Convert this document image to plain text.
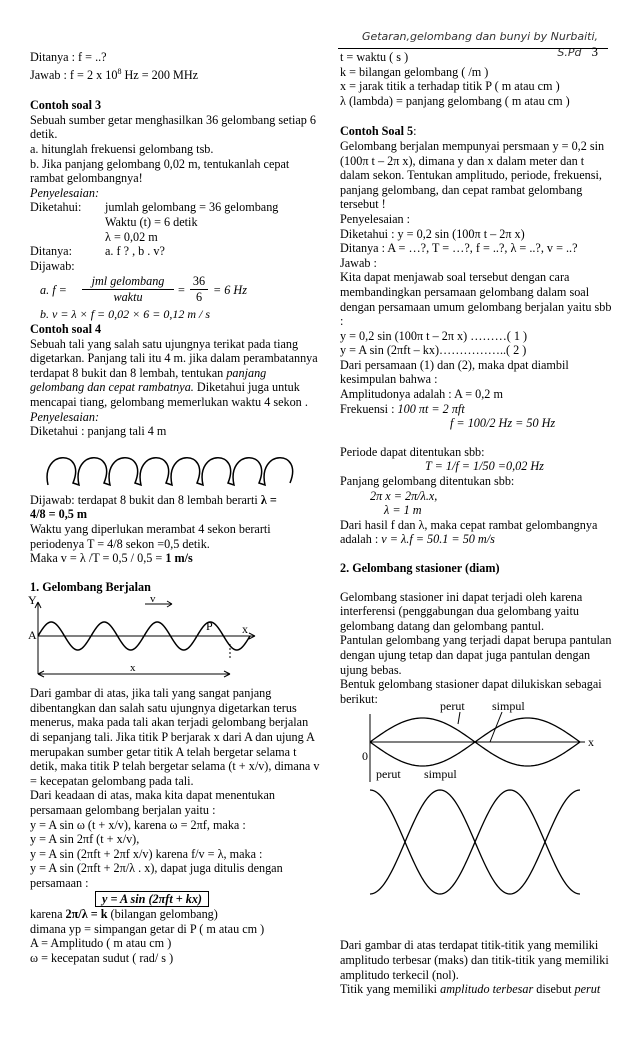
Getaran,gelombang dan bunyi by Nurbaiti, S.Pd 3

Ditanya : f = ..?

Jawab : f = 2 x $10^8$ Hz = 200 MHz

Contoh soal 3

Sebuah sumber getar menghasilkan 36 gelombang setiap 6 detik.

a. hitunglah frekuensi gelombang tsb.

b. Jika panjang gelombang 0,02 m, tentukanlah cepat rambat gelombangnya!

Penyelesaian:

Diketahui:	jumlah gelombang = 36 gelombang

Waktu (t) = 6 detik

λ = 0,02 m

Ditanya:	a. f ? , b . v?

Dijawab:

a. f =
jml gelombang
waktu	=
36
6 = 6 Hz

b. v = λ × f = 0,02 × 6 = 0,12 m / s

Contoh soal 4

Sebuah tali yang salah satu ujungnya terikat pada tiang digetarkan. Panjang tali itu 4 m. jika dalam perambatannya terdapat 8 bukit dan 8 lembah, tentukan panjang gelombang dan cepat rambatnya. Diketahui juga untuk mencapai tiang, gelombang memerlukan waktu 4 sekon .

Penyelesaian:

Diketahui : panjang tali 4 m

Dijawab: terdapat 8 bukit dan 8 lembah berarti λ =

4/8 = 0,5 m

Waktu yang diperlukan merambat 4 sekon berarti periodenya T = 4/8 sekon =0,5 detik.

Maka v = λ /T = 0,5 / 0,5 = 1 m/s

1. Gelombang Berjalan

Y
x
A
v
P
x

Dari gambar di atas, jika tali yang sangat panjang dibentangkan dan salah satu ujungnya digetarkan terus menerus, maka pada tali akan terjadi gelombang berjalan di sepanjang tali. Jika titik P berjarak x dari A dan ujung A merupakan sumber getar titik A telah bergetar selama t detik, maka titik P telah bergetar selama (t + x/v), dimana v = kecepatan gelombang pada tali.

Dari keadaan di atas, maka kita dapat menentukan persamaan gelombang berjalan yaitu :

y = A sin ω (t + x/v), karena ω = 2πf, maka :

y = A sin 2πf (t + x/v),

y = A sin (2πft + 2πf x/v) karena f/v = λ, maka :

y = A sin (2πft + 2π/λ . x), dapat juga ditulis dengan persamaan :

y = A sin (2πft + kx)

karena 2π/λ = k (bilangan gelombang)

dimana yp = simpangan getar di P ( m atau cm )

A = Amplitudo ( m atau cm )

ω = kecepatan sudut ( rad/ s )

t = waktu ( s )

k = bilangan gelombang ( /m )

x = jarak titik a terhadap titik P ( m atau cm )

λ (lambda) = panjang gelombang ( m atau cm )

Contoh Soal 5:

Gelombang berjalan mempunyai persmaan y = 0,2 sin (100π t – 2π x), dimana y dan x dalam meter dan t dalam sekon. Tentukan amplitudo, periode, frekuensi, panjang gelombang, dan cepat rambat gelombang tersebut !

Penyelesaian :

Diketahui : y = 0,2 sin (100π t – 2π x)

Ditanya : A = …?, T = …?, f = ..?, λ = ..?, v = ..?

Jawab :

Kita dapat menjawab soal tersebut dengan cara membandingkan persamaan gelombang dalam soal dengan persamaan umum gelombang berjalan yaitu sbb :

y = 0,2 sin (100π t – 2π x) ………( 1 )

y = A sin (2πft – kx)……………..( 2 )

Dari persamaan (1) dan (2), maka dpat diambil kesimpulan bahwa :

Amplitudonya adalah : A = 0,2 m

Frekuensi : 100 πt = 2 πft

f = 100/2 Hz = 50 Hz

Periode dapat ditentukan sbb:

T = 1/f = 1/50 =0,02 Hz

Panjang gelombang ditentukan sbb:

2π x = 2π/λ.x,

λ = 1 m

Dari hasil f dan λ, maka cepat rambat gelombangnya adalah : v = λ.f = 50.1 = 50 m/s

2. Gelombang stasioner (diam)

Gelombang stasioner ini dapat terjadi oleh karena interferensi (penggabungan dua gelombang yaitu gelombang datang dan gelombang pantul.

Pantulan gelombang yang terjadi dapat berupa pantulan dengan ujung tetap dan dapat juga pantulan dengan ujung bebas.

Bentuk gelombang stasioner dapat dilukiskan sebagai berikut:

perut simpul
0
x
perut simpul

Dari gambar di atas terdapat titik-titik yang memiliki amplitudo terbesar (maks) dan titik-titik yang memiliki amplitudo terkecil (nol).

Titik yang memiliki amplitudo terbesar disebut perut
